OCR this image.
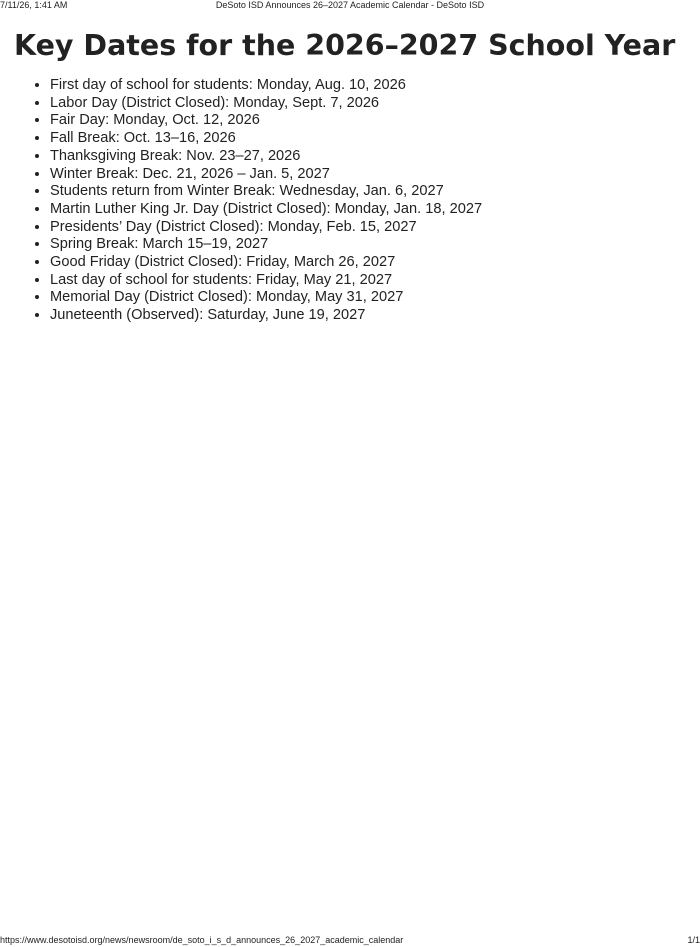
7/11/26, 1:41 AM	DeSoto ISD Announces 26–2027 Academic Calendar - DeSoto ISD
Key Dates for the 2026–2027 School Year
• First day of school for students: Monday, Aug. 10, 2026
• Labor Day (District Closed): Monday, Sept. 7, 2026
• Fair Day: Monday, Oct. 12, 2026
• Fall Break: Oct. 13–16, 2026
• Thanksgiving Break: Nov. 23–27, 2026
• Winter Break: Dec. 21, 2026 – Jan. 5, 2027
• Students return from Winter Break: Wednesday, Jan. 6, 2027
• Martin Luther King Jr. Day (District Closed): Monday, Jan. 18, 2027
• Presidents’ Day (District Closed): Monday, Feb. 15, 2027
• Spring Break: March 15–19, 2027
• Good Friday (District Closed): Friday, March 26, 2027
• Last day of school for students: Friday, May 21, 2027
• Memorial Day (District Closed): Monday, May 31, 2027
• Juneteenth (Observed): Saturday, June 19, 2027
https://www.desotoisd.org/news/newsroom/de_soto_i_s_d_announces_26_2027_academic_calendar	1/1
